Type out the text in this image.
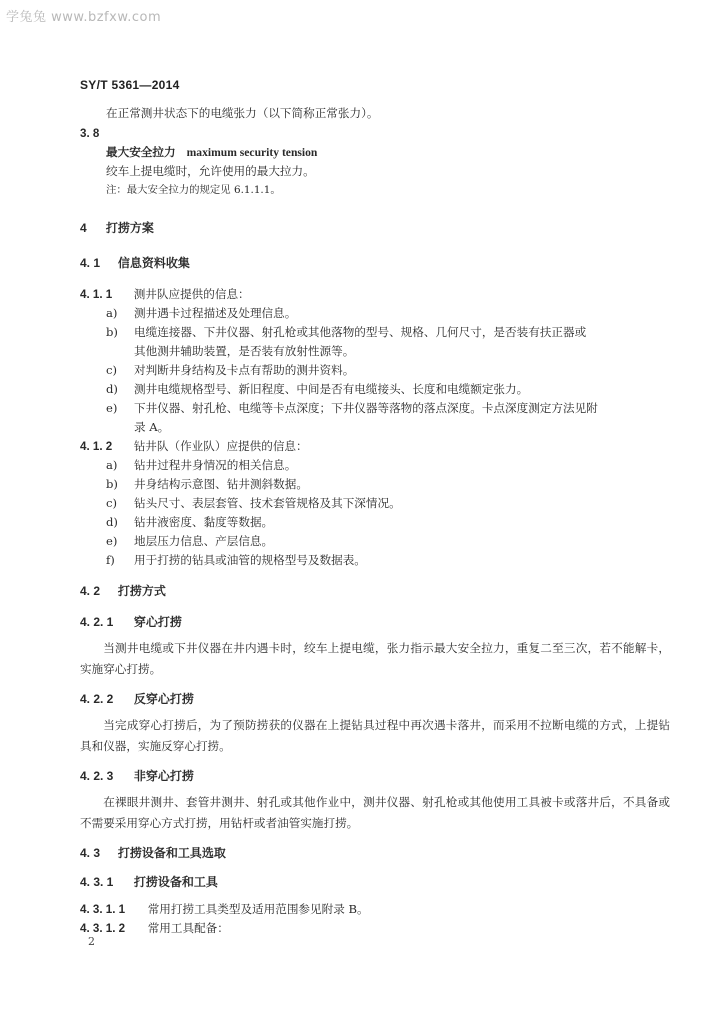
学兔兔 www.bzfxw.com
SY/T 5361—2014
在正常测井状态下的电缆张力（以下简称正常张力）。
3. 8
最大安全拉力 maximum security tension
绞车上提电缆时，允许使用的最大拉力。
注：最大安全拉力的规定见 6.1.1.1。
4 打捞方案
4. 1 信息资料收集
4. 1. 1 测井队应提供的信息：
a)	测井遇卡过程描述及处理信息。
b)	电缆连接器、下井仪器、射孔枪或其他落物的型号、规格、几何尺寸，是否装有扶正器或
其他测井辅助装置，是否装有放射性源等。
c)	对判断井身结构及卡点有帮助的测井资料。
d)	测井电缆规格型号、新旧程度、中间是否有电缆接头、长度和电缆额定张力。
e)	下井仪器、射孔枪、电缆等卡点深度；下井仪器等落物的落点深度。卡点深度测定方法见附
录 A。
4. 1. 2 钻井队（作业队）应提供的信息：
a)	钻井过程井身情况的相关信息。
b)	井身结构示意图、钻井测斜数据。
c)	钻头尺寸、表层套管、技术套管规格及其下深情况。
d)	钻井液密度、黏度等数据。
e)	地层压力信息、产层信息。
f)	用于打捞的钻具或油管的规格型号及数据表。
4. 2 打捞方式
4. 2. 1 穿心打捞

当测井电缆或下井仪器在井内遇卡时，绞车上提电缆，张力指示最大安全拉力，重复二至三次，若不能解卡，实施穿心打捞。

4. 2. 2 反穿心打捞

当完成穿心打捞后，为了预防捞获的仪器在上提钻具过程中再次遇卡落井，而采用不拉断电缆的方式，上提钻具和仪器，实施反穿心打捞。

4. 2. 3 非穿心打捞

在裸眼井测井、套管井测井、射孔或其他作业中，测井仪器、射孔枪或其他使用工具被卡或落井后，不具备或不需要采用穿心方式打捞，用钻杆或者油管实施打捞。

4. 3 打捞设备和工具选取
4. 3. 1 打捞设备和工具
4. 3. 1. 1 常用打捞工具类型及适用范围参见附录 B。
4. 3. 1. 2 常用工具配备：
2
